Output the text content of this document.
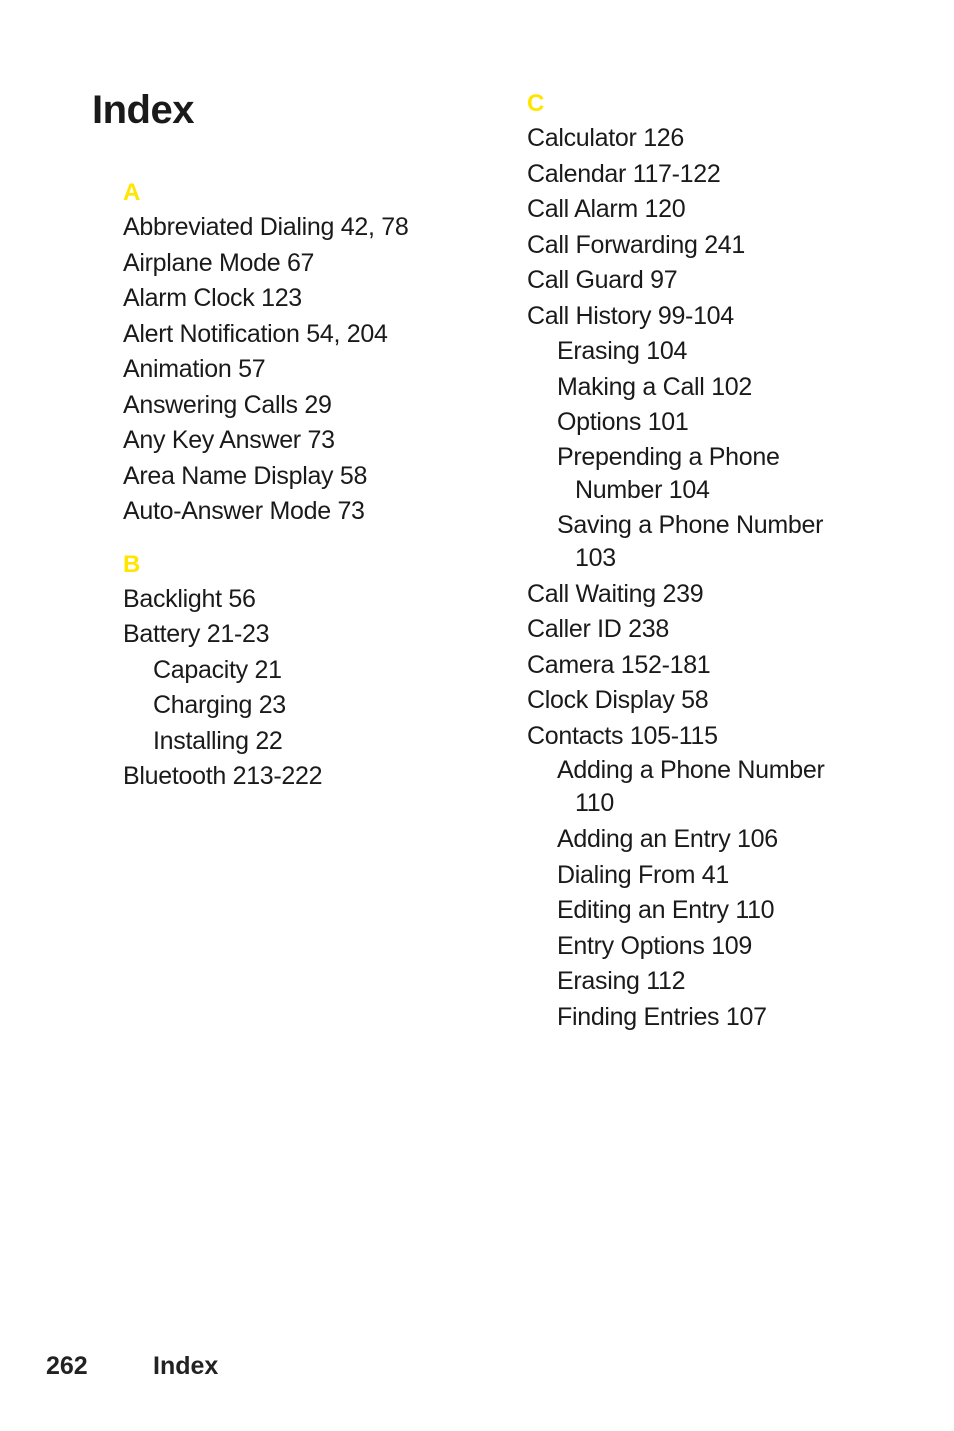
Index
A
Abbreviated Dialing 42, 78
Airplane Mode 67
Alarm Clock 123
Alert Notification 54, 204
Animation 57
Answering Calls 29
Any Key Answer 73
Area Name Display 58
Auto-Answer Mode 73
B
Backlight 56
Battery 21-23
Capacity 21
Charging 23
Installing 22
Bluetooth 213-222
C
Calculator 126
Calendar 117-122
Call Alarm 120
Call Forwarding 241
Call Guard 97
Call History 99-104
Erasing 104
Making a Call 102
Options 101
Prepending a Phone Number 104
Saving a Phone Number 103
Call Waiting 239
Caller ID 238
Camera 152-181
Clock Display 58
Contacts 105-115
Adding a Phone Number 110
Adding an Entry 106
Dialing From 41
Editing an Entry 110
Entry Options 109
Erasing 112
Finding Entries 107
262	Index
